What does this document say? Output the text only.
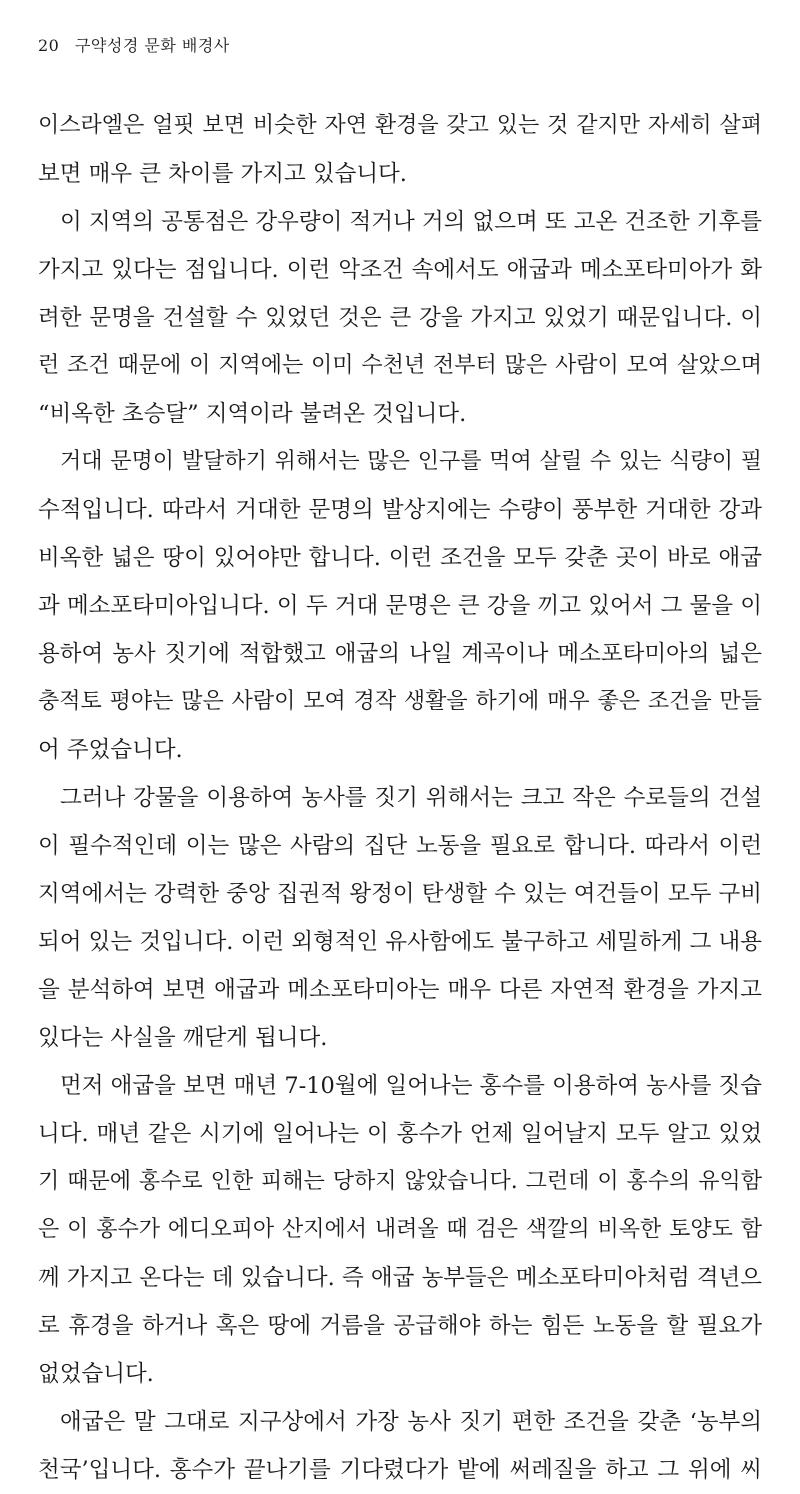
20 구약성경 문화 배경사
이스라엘은 얼핏 보면 비슷한 자연 환경을 갖고 있는 것 같지만 자세히 살펴
보면 매우 큰 차이를 가지고 있습니다.
이 지역의 공통점은 강우량이 적거나 거의 없으며 또 고온 건조한 기후를
가지고 있다는 점입니다. 이런 악조건 속에서도 애굽과 메소포타미아가 화
려한 문명을 건설할 수 있었던 것은 큰 강을 가지고 있었기 때문입니다. 이
런 조건 때문에 이 지역에는 이미 수천년 전부터 많은 사람이 모여 살았으며
“비옥한 초승달” 지역이라 불려온 것입니다.
거대 문명이 발달하기 위해서는 많은 인구를 먹여 살릴 수 있는 식량이 필
수적입니다. 따라서 거대한 문명의 발상지에는 수량이 풍부한 거대한 강과
비옥한 넓은 땅이 있어야만 합니다. 이런 조건을 모두 갖춘 곳이 바로 애굽
과 메소포타미아입니다. 이 두 거대 문명은 큰 강을 끼고 있어서 그 물을 이
용하여 농사 짓기에 적합했고 애굽의 나일 계곡이나 메소포타미아의 넓은
충적토 평야는 많은 사람이 모여 경작 생활을 하기에 매우 좋은 조건을 만들
어 주었습니다.
그러나 강물을 이용하여 농사를 짓기 위해서는 크고 작은 수로들의 건설
이 필수적인데 이는 많은 사람의 집단 노동을 필요로 합니다. 따라서 이런
지역에서는 강력한 중앙 집권적 왕정이 탄생할 수 있는 여건들이 모두 구비
되어 있는 것입니다. 이런 외형적인 유사함에도 불구하고 세밀하게 그 내용
을 분석하여 보면 애굽과 메소포타미아는 매우 다른 자연적 환경을 가지고
있다는 사실을 깨닫게 됩니다.
먼저 애굽을 보면 매년 7-10월에 일어나는 홍수를 이용하여 농사를 짓습
니다. 매년 같은 시기에 일어나는 이 홍수가 언제 일어날지 모두 알고 있었
기 때문에 홍수로 인한 피해는 당하지 않았습니다. 그런데 이 홍수의 유익함
은 이 홍수가 에디오피아 산지에서 내려올 때 검은 색깔의 비옥한 토양도 함
께 가지고 온다는 데 있습니다. 즉 애굽 농부들은 메소포타미아처럼 격년으
로 휴경을 하거나 혹은 땅에 거름을 공급해야 하는 힘든 노동을 할 필요가
없었습니다.
애굽은 말 그대로 지구상에서 가장 농사 짓기 편한 조건을 갖춘 ‘농부의
천국’입니다. 홍수가 끝나기를 기다렸다가 밭에 써레질을 하고 그 위에 씨
